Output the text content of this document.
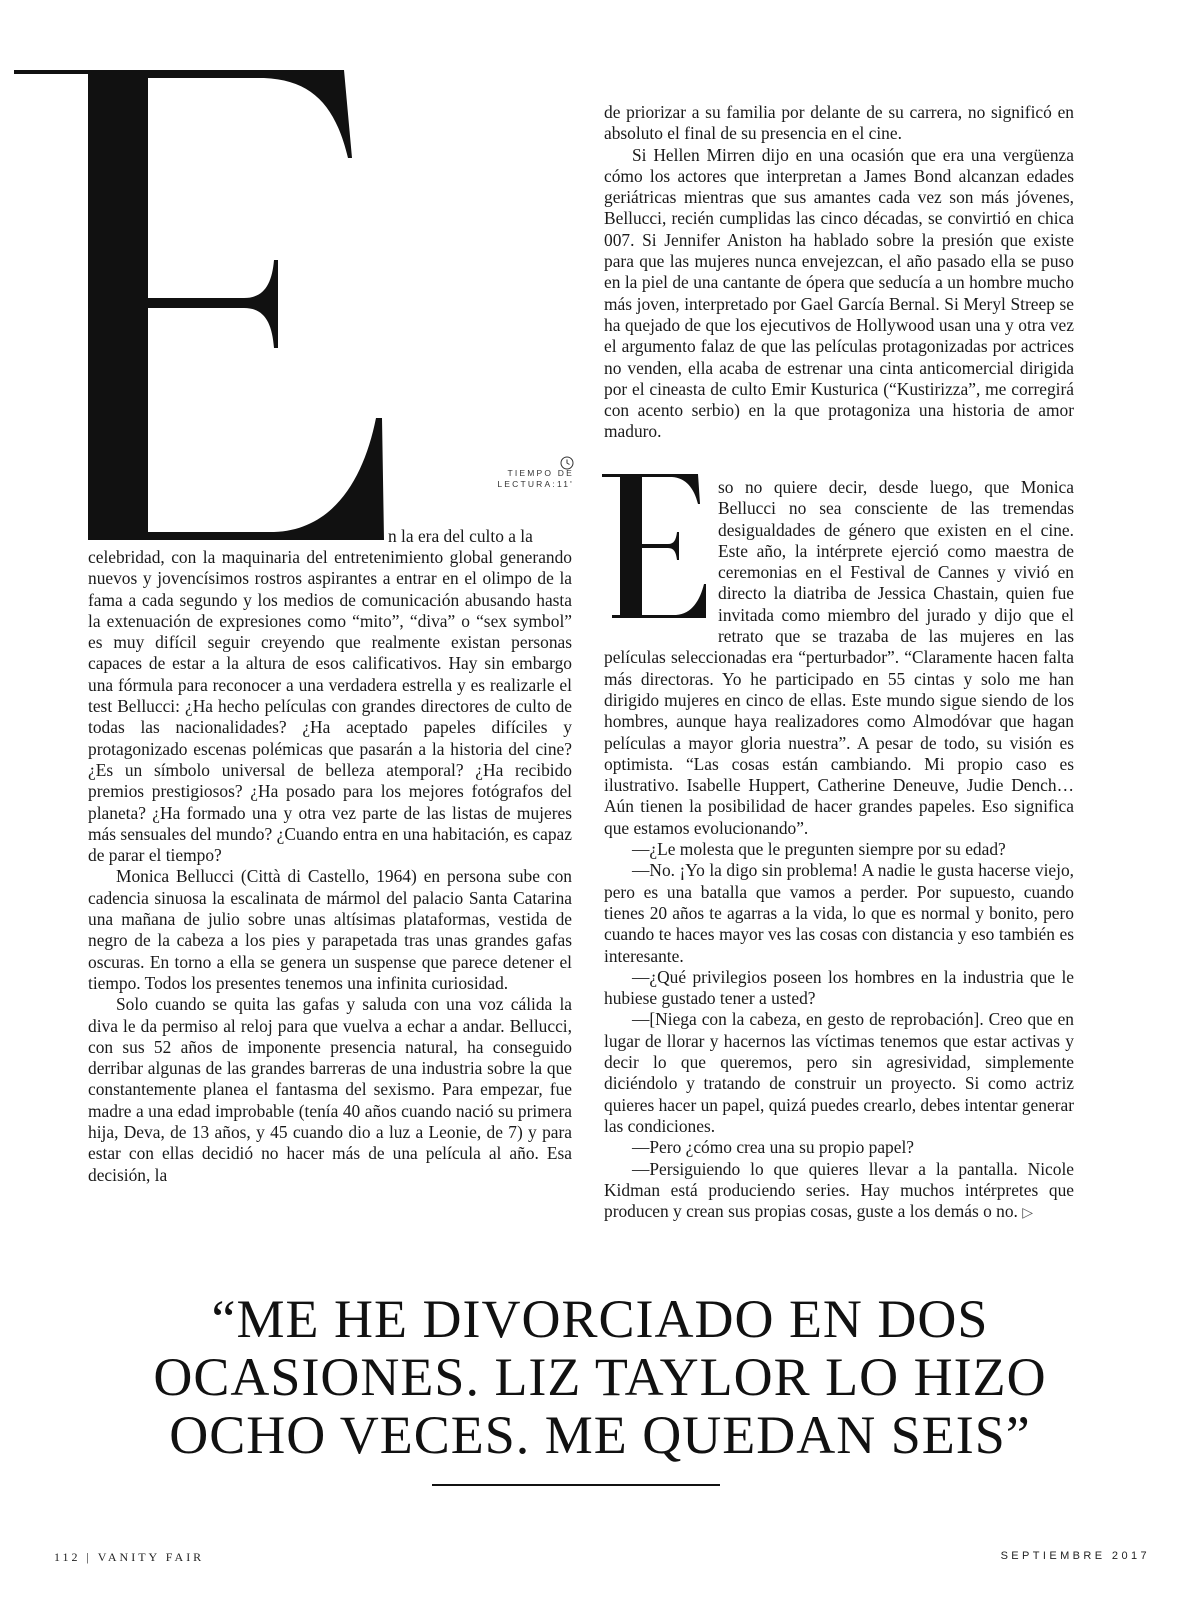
TIEMPO DE
LECTURA:11'
n la era del culto a la

celebridad, con la maquinaria del entretenimiento global generando nuevos y jovencísimos rostros aspirantes a entrar en el olimpo de la fama a cada segundo y los medios de comunicación abusando hasta la extenuación de expresiones como “mito”, “diva” o “sex symbol” es muy difícil seguir creyendo que realmente existan personas capaces de estar a la altura de esos calificativos. Hay sin embargo una fórmula para reconocer a una verdadera estrella y es realizarle el test Bellucci: ¿Ha hecho películas con grandes directores de culto de todas las nacionalidades? ¿Ha aceptado papeles difíciles y protagonizado escenas polémicas que pasarán a la historia del cine? ¿Es un símbolo universal de belleza atemporal? ¿Ha recibido premios prestigiosos? ¿Ha posado para los mejores fotógrafos del planeta? ¿Ha formado una y otra vez parte de las listas de mujeres más sensuales del mundo? ¿Cuando entra en una habitación, es capaz de parar el tiempo?

Monica Bellucci (Città di Castello, 1964) en persona sube con cadencia sinuosa la escalinata de mármol del palacio Santa Catarina una mañana de julio sobre unas altísimas plataformas, vestida de negro de la cabeza a los pies y parapetada tras unas grandes gafas oscuras. En torno a ella se genera un suspense que parece detener el tiempo. Todos los presentes tenemos una infinita curiosidad.

Solo cuando se quita las gafas y saluda con una voz cálida la diva le da permiso al reloj para que vuelva a echar a andar. Bellucci, con sus 52 años de imponente presencia natural, ha conseguido derribar algunas de las grandes barreras de una industria sobre la que constantemente planea el fantasma del sexismo. Para empezar, fue madre a una edad improbable (tenía 40 años cuando nació su primera hija, Deva, de 13 años, y 45 cuando dio a luz a Leonie, de 7) y para estar con ellas decidió no hacer más de una película al año. Esa decisión, la

de priorizar a su familia por delante de su carrera, no significó en absoluto el final de su presencia en el cine.

Si Hellen Mirren dijo en una ocasión que era una vergüenza cómo los actores que interpretan a James Bond alcanzan edades geriátricas mientras que sus amantes cada vez son más jóvenes, Bellucci, recién cumplidas las cinco décadas, se convirtió en chica 007. Si Jennifer Aniston ha hablado sobre la presión que existe para que las mujeres nunca envejezcan, el año pasado ella se puso en la piel de una cantante de ópera que seducía a un hombre mucho más joven, interpretado por Gael García Bernal. Si Meryl Streep se ha quejado de que los ejecutivos de Hollywood usan una y otra vez el argumento falaz de que las películas protagonizadas por actrices no venden, ella acaba de estrenar una cinta anticomercial dirigida por el cineasta de culto Emir Kusturica (“Kustirizza”, me corregirá con acento serbio) en la que protagoniza una historia de amor maduro.

so no quiere decir, desde luego, que Monica Bellucci no sea consciente de las tremendas desigualdades de género que existen en el cine. Este año, la intérprete ejerció como maestra de ceremonias en el Festival de Cannes y vivió en directo la diatriba de Jessica Chastain, quien fue invitada como miembro del jurado y dijo que el retrato que se trazaba de las mujeres en las películas seleccionadas era “perturbador”. “Claramente hacen falta más directoras. Yo he participado en 55 cintas y solo me han dirigido mujeres en cinco de ellas. Este mundo sigue siendo de los hombres, aunque haya realizadores como Almodóvar que hagan películas a mayor gloria nuestra”. A pesar de todo, su visión es optimista. “Las cosas están cambiando. Mi propio caso es ilustrativo. Isabelle Huppert, Catherine Deneuve, Judie Dench… Aún tienen la posibilidad de hacer grandes papeles. Eso significa que estamos evolucionando”.

—¿Le molesta que le pregunten siempre por su edad?

—No. ¡Yo la digo sin problema! A nadie le gusta hacerse viejo, pero es una batalla que vamos a perder. Por supuesto, cuando tienes 20 años te agarras a la vida, lo que es normal y bonito, pero cuando te haces mayor ves las cosas con distancia y eso también es interesante.

—¿Qué privilegios poseen los hombres en la industria que le hubiese gustado tener a usted?

—[Niega con la cabeza, en gesto de reprobación]. Creo que en lugar de llorar y hacernos las víctimas tenemos que estar activas y decir lo que queremos, pero sin agresividad, simplemente diciéndolo y tratando de construir un proyecto. Si como actriz quieres hacer un papel, quizá puedes crearlo, debes intentar generar las condiciones.

—Pero ¿cómo crea una su propio papel?

—Persiguiendo lo que quieres llevar a la pantalla. Nicole Kidman está produciendo series. Hay muchos intérpretes que producen y crean sus propias cosas, guste a los demás o no. ▷

“ME HE DIVORCIADO EN DOS OCASIONES. LIZ TAYLOR LO HIZO OCHO VECES. ME QUEDAN SEIS”
112 | VANITY FAIR	SEPTIEMBRE 2017
